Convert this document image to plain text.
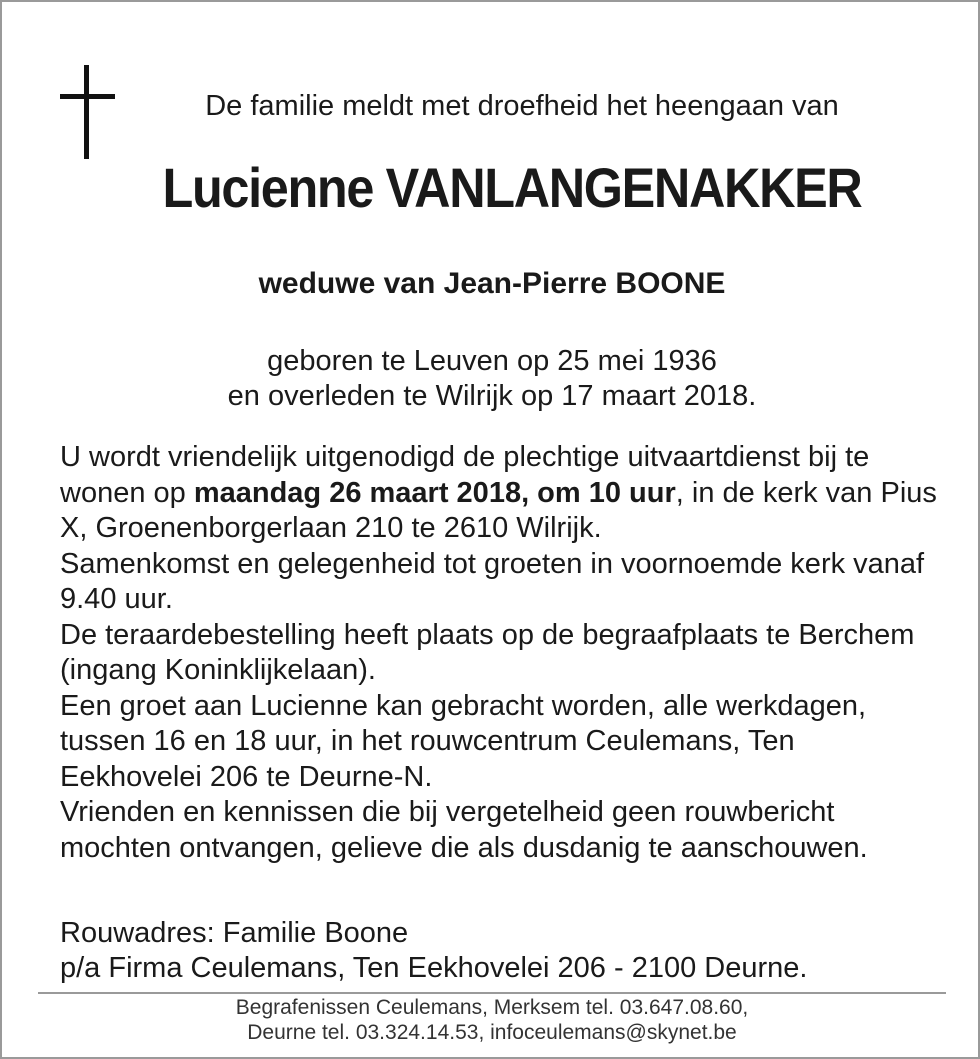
De familie meldt met droefheid het heengaan van
Lucienne VANLANGENAKKER
weduwe van Jean-Pierre BOONE
geboren te Leuven op 25 mei 1936
en overleden te Wilrijk op 17 maart 2018.

U wordt vriendelijk uitgenodigd de plechtige uitvaartdienst bij te wonen op maandag 26 maart 2018, om 10 uur, in de kerk van Pius X, Groenenborgerlaan 210 te 2610 Wilrijk.

Samenkomst en gelegenheid tot groeten in voornoemde kerk vanaf 9.40 uur.

De teraardebestelling heeft plaats op de begraafplaats te Berchem (ingang Koninklijkelaan).

Een groet aan Lucienne kan gebracht worden, alle werkdagen, tussen 16 en 18 uur, in het rouwcentrum Ceulemans, Ten Eekhovelei 206 te Deurne-N.

Vrienden en kennissen die bij vergetelheid geen rouwbericht mochten ontvangen, gelieve die als dusdanig te aanschouwen.

Rouwadres: Familie Boone

p/a Firma Ceulemans, Ten Eekhovelei 206 - 2100 Deurne.

Begrafenissen Ceulemans, Merksem tel. 03.647.08.60,
Deurne tel. 03.324.14.53, infoceulemans@skynet.be
